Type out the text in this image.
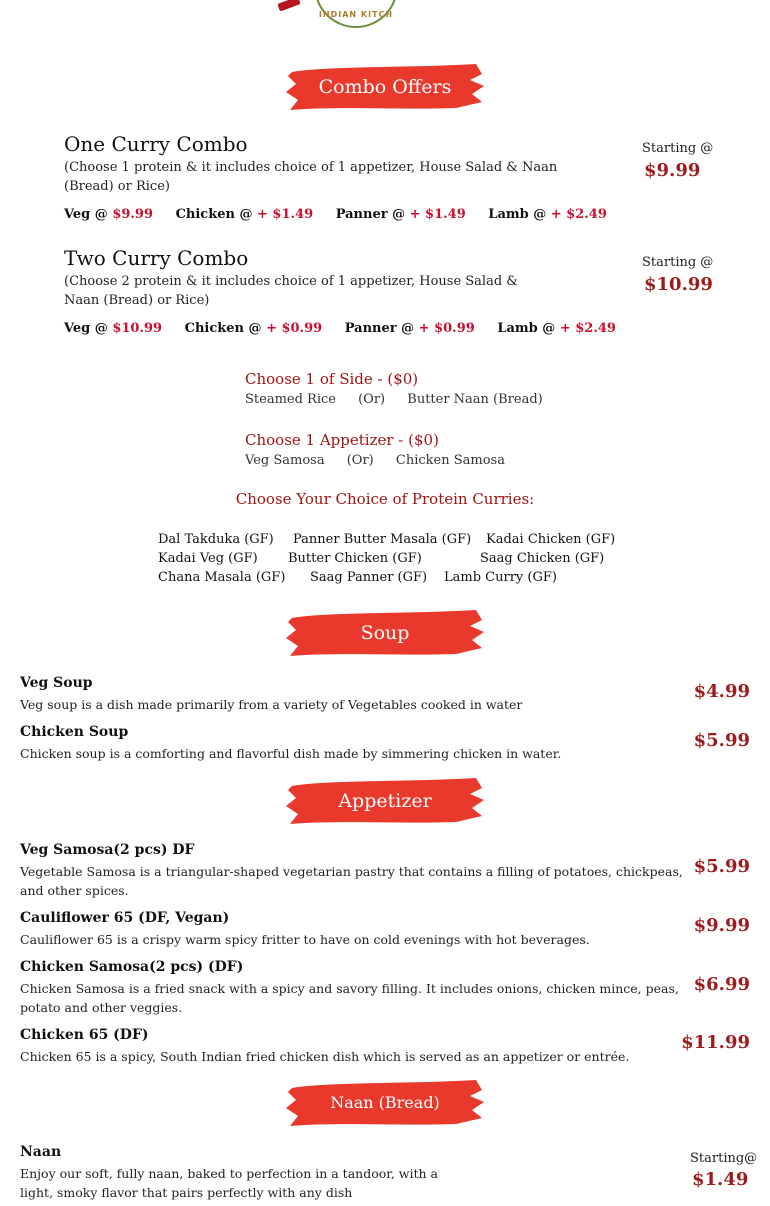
INDIAN KITCH
Combo Offers
One Curry Combo
(Choose 1 protein & it includes choice of 1 appetizer, House Salad & Naan (Bread) or Rice)
Veg @ $9.99 Chicken @ + $1.49 Panner @ + $1.49 Lamb @ + $2.49
Starting @
$9.99
Two Curry Combo
(Choose 2 protein & it includes choice of 1 appetizer, House Salad & Naan (Bread) or Rice)
Veg @ $10.99 Chicken @ + $0.99 Panner @ + $0.99 Lamb @ + $2.49
Starting @
$10.99
Choose 1 of Side - ($0)
Steamed Rice (Or) Butter Naan (Bread)
Choose 1 Appetizer - ($0)
Veg Samosa (Or) Chicken Samosa
Choose Your Choice of Protein Curries:
Dal Takduka (GF) Panner Butter Masala (GF) Kadai Chicken (GF)
Kadai Veg (GF) Butter Chicken (GF)	Saag Chicken (GF)
Chana Masala (GF) Saag Panner (GF) Lamb Curry (GF)
Soup
Veg Soup
Veg soup is a dish made primarily from a variety of Vegetables cooked in water
$4.99
Chicken Soup
Chicken soup is a comforting and flavorful dish made by simmering chicken in water.
$5.99
Appetizer
Veg Samosa(2 pcs) DF
Vegetable Samosa is a triangular-shaped vegetarian pastry that contains a filling of potatoes, chickpeas, and other spices.
$5.99
Cauliflower 65 (DF, Vegan)
Cauliflower 65 is a crispy warm spicy fritter to have on cold evenings with hot beverages.
$9.99
Chicken Samosa(2 pcs) (DF)
Chicken Samosa is a fried snack with a spicy and savory filling. It includes onions, chicken mince, peas, potato and other veggies.
$6.99
Chicken 65 (DF)
Chicken 65 is a spicy, South Indian fried chicken dish which is served as an appetizer or entrée.
$11.99
Naan (Bread)
Naan
Enjoy our soft, fully naan, baked to perfection in a tandoor, with a light, smoky flavor that pairs perfectly with any dish
Starting@
$1.49
